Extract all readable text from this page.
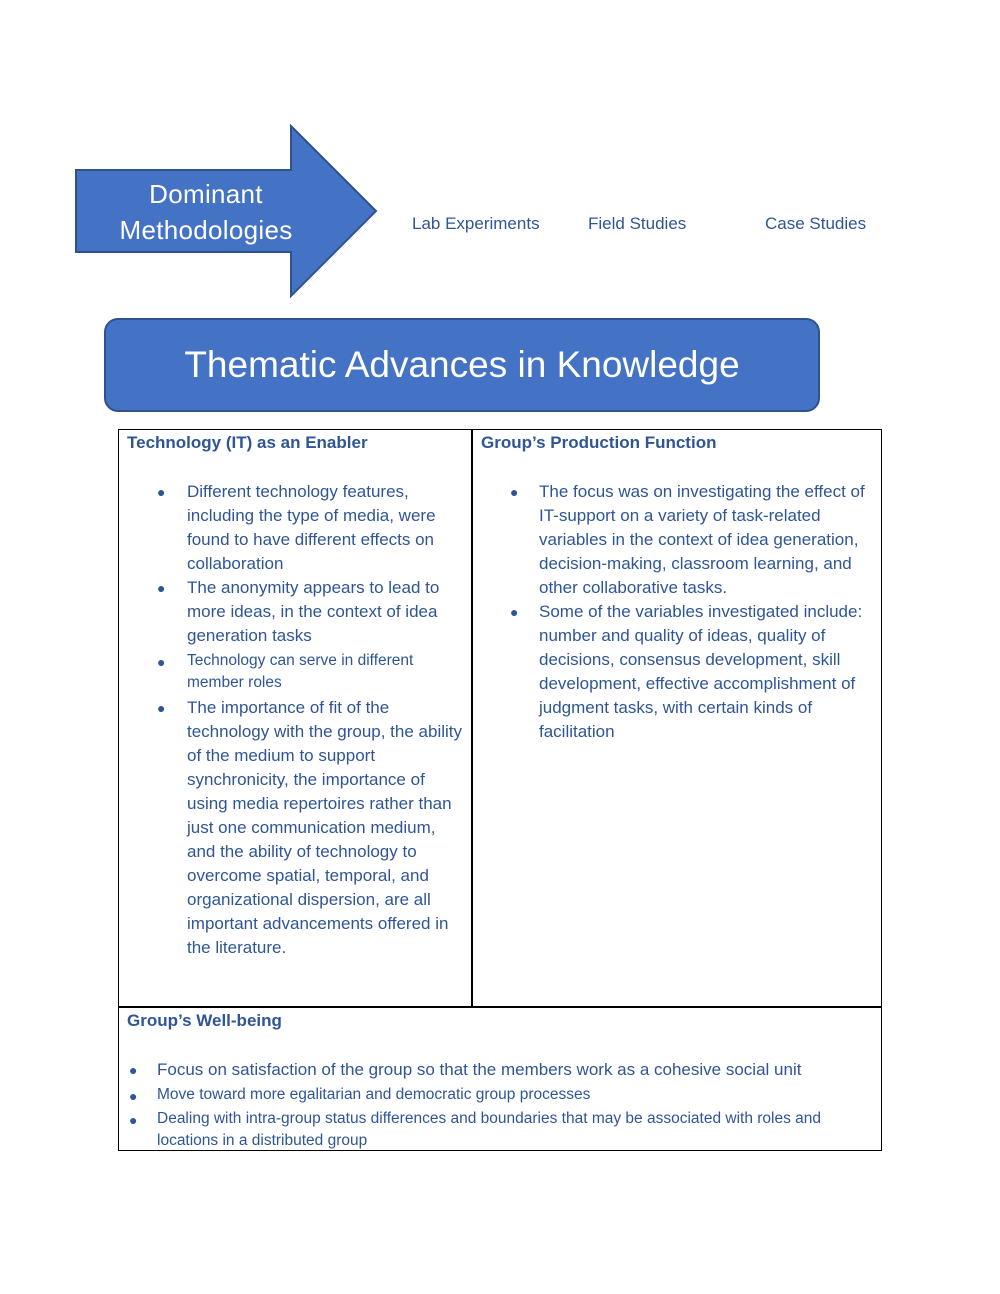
Dominant
Methodologies	Lab Experiments	Field Studies	Case Studies
Thematic Advances in Knowledge

Technology (IT) as an Enabler

● Different technology features, including the type of media, were found to have different effects on collaboration
● The anonymity appears to lead to more ideas, in the context of idea generation tasks
● Technology can serve in different member roles
● The importance of fit of the technology with the group, the ability of the medium to support synchronicity, the importance of using media repertoires rather than just one communication medium, and the ability of technology to overcome spatial, temporal, and organizational dispersion, are all important advancements offered in the literature.

Group’s Production Function

● The focus was on investigating the effect of IT-support on a variety of task-related variables in the context of idea generation, decision-making, classroom learning, and other collaborative tasks.
● Some of the variables investigated include: number and quality of ideas, quality of decisions, consensus development, skill development, effective accomplishment of judgment tasks, with certain kinds of facilitation

Group’s Well-being

● Focus on satisfaction of the group so that the members work as a cohesive social unit
● Move toward more egalitarian and democratic group processes
● Dealing with intra-group status differences and boundaries that may be associated with roles and locations in a distributed group
